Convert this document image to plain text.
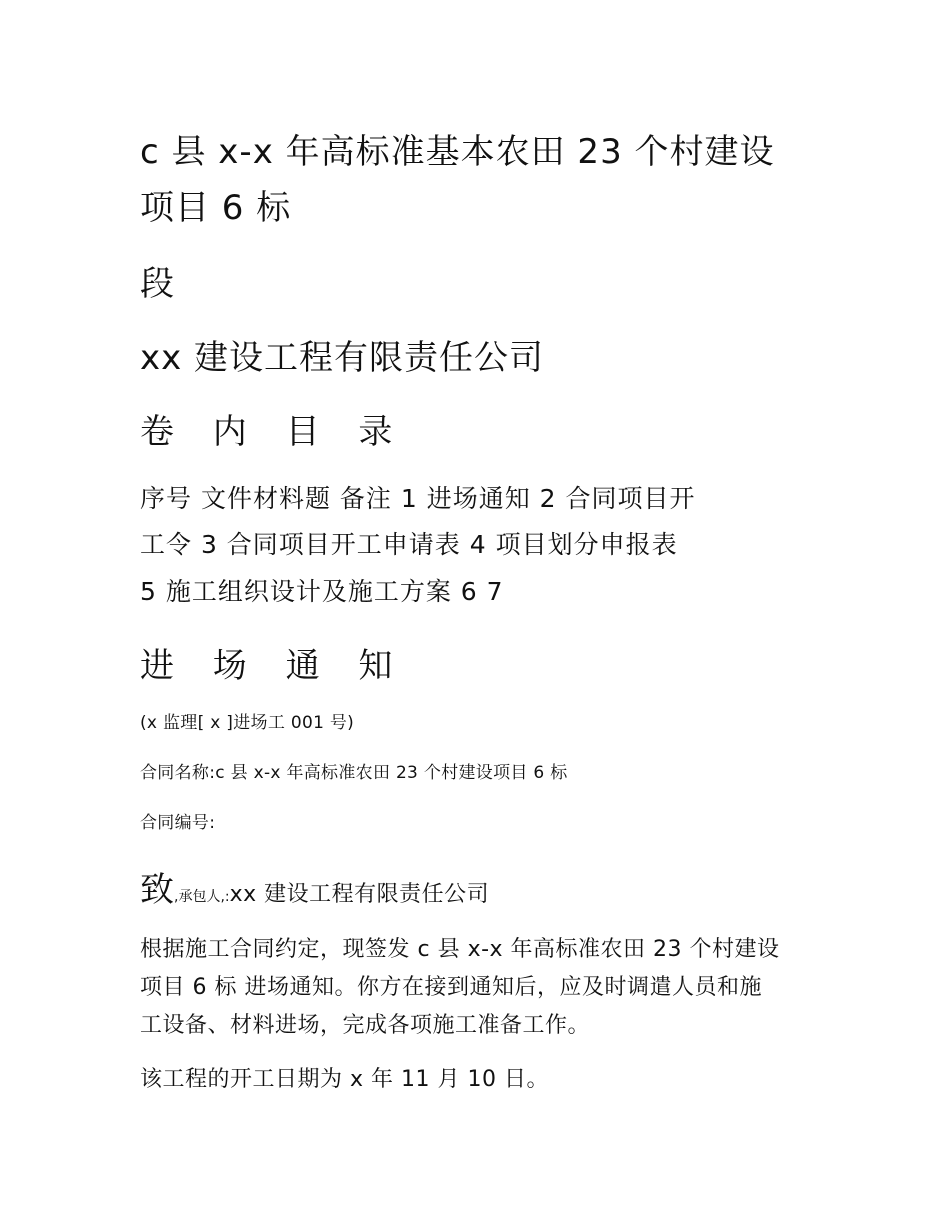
c 县 x-x 年高标准基本农田 23 个村建设
项目 6 标
段
xx 建设工程有限责任公司
卷 内 目 录
序号 文件材料题 备注 1 进场通知 2 合同项目开
工令 3 合同项目开工申请表 4 项目划分申报表
5 施工组织设计及施工方案 6 7
进 场 通 知
(x 监理[ x ]进场工 001 号)
合同名称:c 县 x-x 年高标准农田 23 个村建设项目 6 标
合同编号:
致,承包人,:xx 建设工程有限责任公司
根据施工合同约定，现签发 c 县 x-x 年高标准农田 23 个村建设
项目 6 标 进场通知。你方在接到通知后，应及时调遣人员和施
工设备、材料进场，完成各项施工准备工作。
该工程的开工日期为 x 年 11 月 10 日。
